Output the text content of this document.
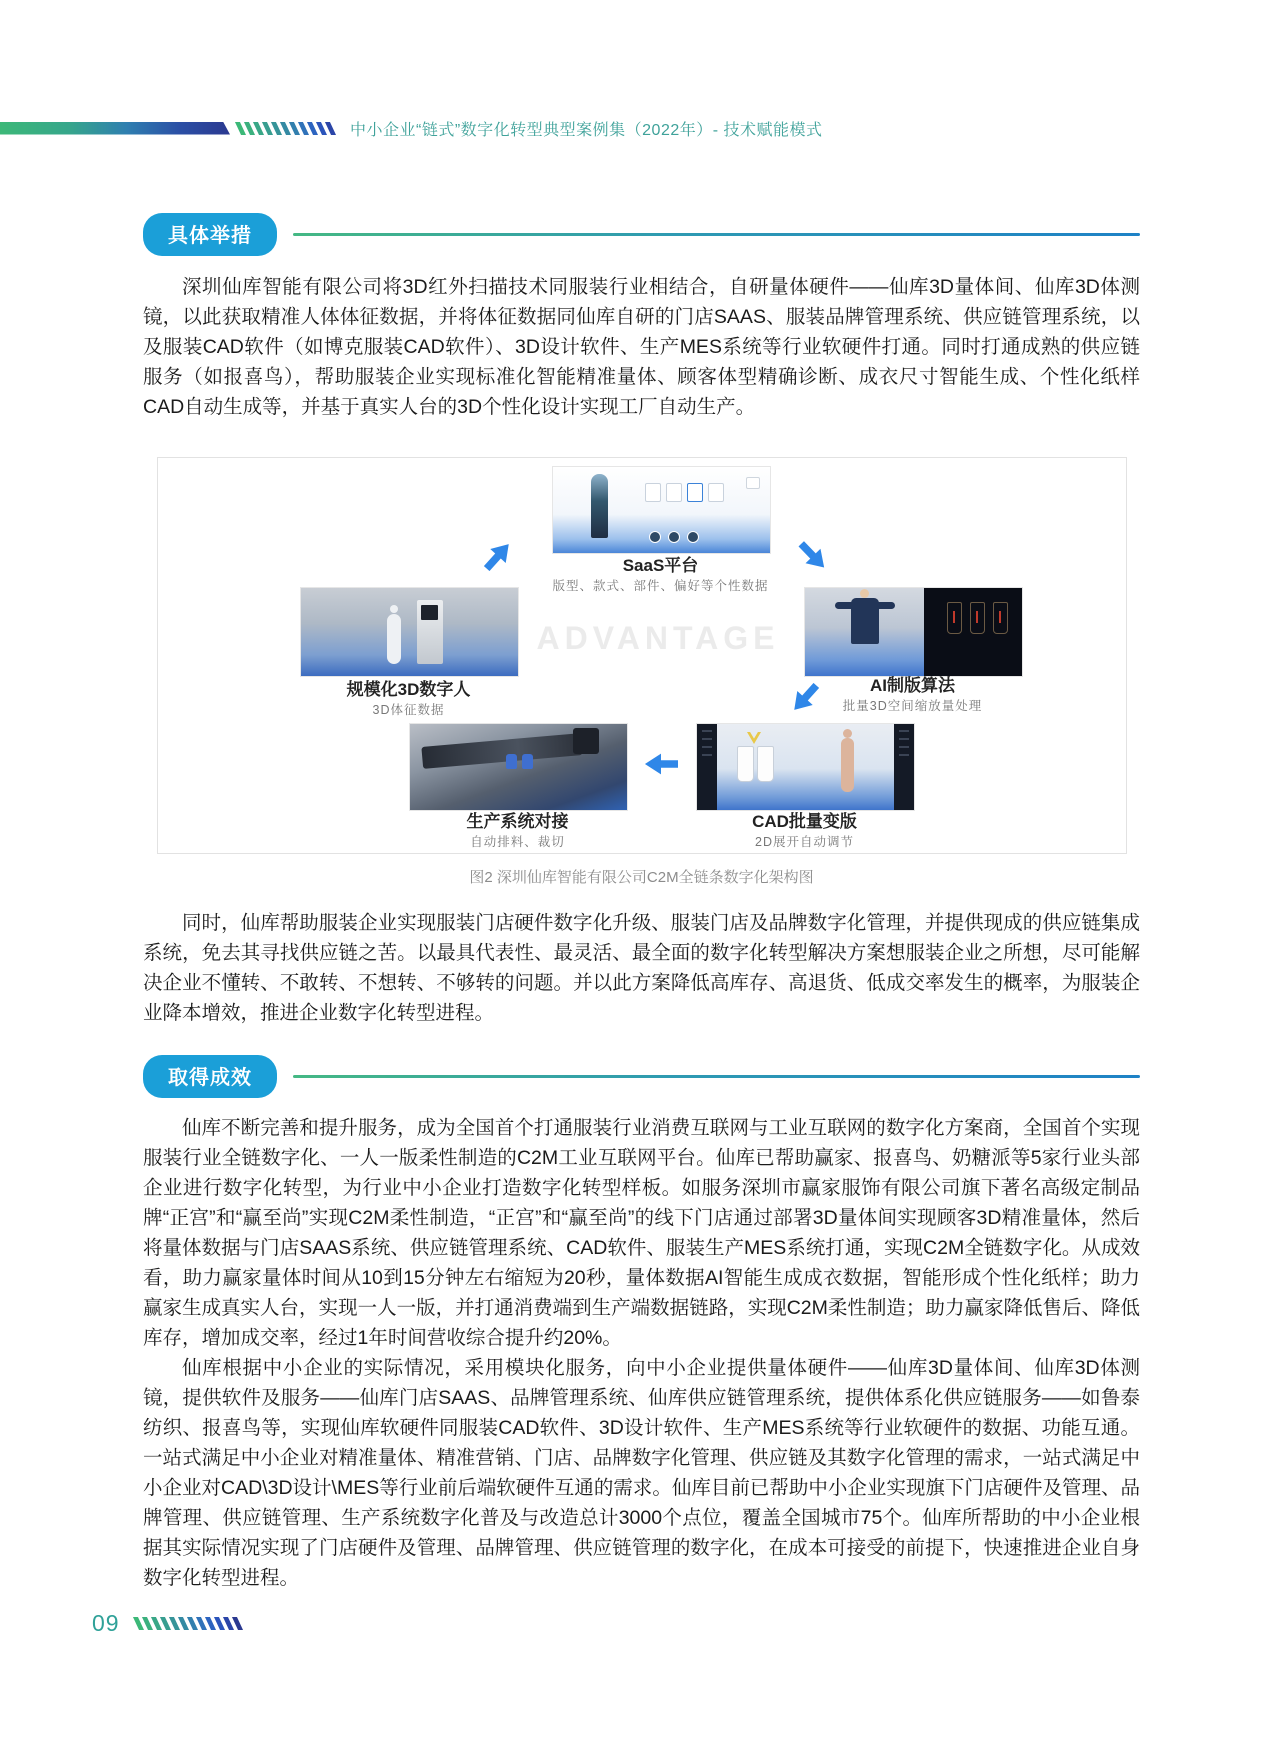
中小企业“链式”数字化转型典型案例集（2022年）- 技术赋能模式
具体举措

深圳仙库智能有限公司将3D红外扫描技术同服装行业相结合，自研量体硬件——仙库3D量体间、仙库3D体测镜，以此获取精准人体体征数据，并将体征数据同仙库自研的门店SAAS、服装品牌管理系统、供应链管理系统，以及服装CAD软件（如博克服装CAD软件）、3D设计软件、生产MES系统等行业软硬件打通。同时打通成熟的供应链服务（如报喜鸟），帮助服装企业实现标准化智能精准量体、顾客体型精确诊断、成衣尺寸智能生成、个性化纸样CAD自动生成等，并基于真实人台的3D个性化设计实现工厂自动生产。

ADVANTAGE
SaaS平台
版型、款式、部件、偏好等个性数据
规模化3D数字人
3D体征数据
AI制版算法
批量3D空间缩放量处理
生产系统对接
自动排料、裁切
CAD批量变版
2D展开自动调节
图2 深圳仙库智能有限公司C2M全链条数字化架构图

同时，仙库帮助服装企业实现服装门店硬件数字化升级、服装门店及品牌数字化管理，并提供现成的供应链集成系统，免去其寻找供应链之苦。以最具代表性、最灵活、最全面的数字化转型解决方案想服装企业之所想，尽可能解决企业不懂转、不敢转、不想转、不够转的问题。并以此方案降低高库存、高退货、低成交率发生的概率，为服装企业降本增效，推进企业数字化转型进程。

取得成效

仙库不断完善和提升服务，成为全国首个打通服装行业消费互联网与工业互联网的数字化方案商，全国首个实现服装行业全链数字化、一人一版柔性制造的C2M工业互联网平台。仙库已帮助赢家、报喜鸟、奶糖派等5家行业头部企业进行数字化转型，为行业中小企业打造数字化转型样板。如服务深圳市赢家服饰有限公司旗下著名高级定制品牌“正宫”和“赢至尚”实现C2M柔性制造，“正宫”和“赢至尚”的线下门店通过部署3D量体间实现顾客3D精准量体，然后将量体数据与门店SAAS系统、供应链管理系统、CAD软件、服装生产MES系统打通，实现C2M全链数字化。从成效看，助力赢家量体时间从10到15分钟左右缩短为20秒，量体数据AI智能生成成衣数据，智能形成个性化纸样；助力赢家生成真实人台，实现一人一版，并打通消费端到生产端数据链路，实现C2M柔性制造；助力赢家降低售后、降低库存，增加成交率，经过1年时间营收综合提升约20%。

仙库根据中小企业的实际情况，采用模块化服务，向中小企业提供量体硬件——仙库3D量体间、仙库3D体测镜，提供软件及服务——仙库门店SAAS、品牌管理系统、仙库供应链管理系统，提供体系化供应链服务——如鲁泰纺织、报喜鸟等，实现仙库软硬件同服装CAD软件、3D设计软件、生产MES系统等行业软硬件的数据、功能互通。一站式满足中小企业对精准量体、精准营销、门店、品牌数字化管理、供应链及其数字化管理的需求，一站式满足中小企业对CAD\3D设计\MES等行业前后端软硬件互通的需求。仙库目前已帮助中小企业实现旗下门店硬件及管理、品牌管理、供应链管理、生产系统数字化普及与改造总计3000个点位，覆盖全国城市75个。仙库所帮助的中小企业根据其实际情况实现了门店硬件及管理、品牌管理、供应链管理的数字化，在成本可接受的前提下，快速推进企业自身数字化转型进程。

09
